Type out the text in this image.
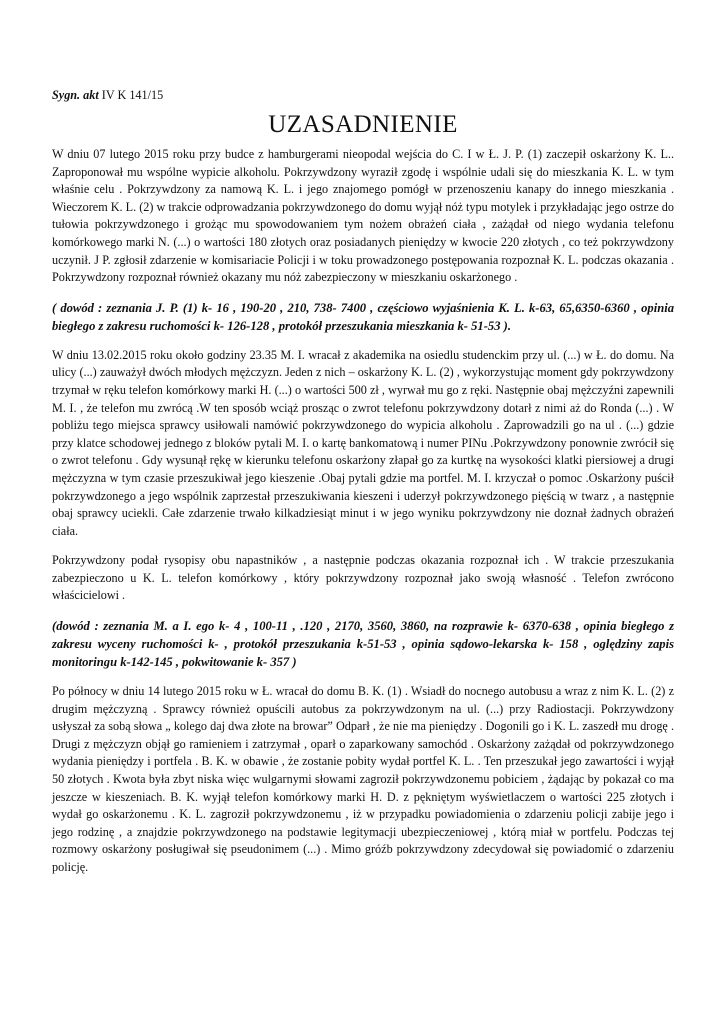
Sygn. akt IV K 141/15
UZASADNIENIE

W dniu 07 lutego 2015 roku przy budce z hamburgerami nieopodal wejścia do C. I w Ł. J. P. (1) zaczepił oskarżony K. L.. Zaproponował mu wspólne wypicie alkoholu. Pokrzywdzony wyraził zgodę i wspólnie udali się do mieszkania K. L. w tym właśnie celu . Pokrzywdzony za namową K. L. i jego znajomego pomógł w przenoszeniu kanapy do innego mieszkania . Wieczorem K. L. (2) w trakcie odprowadzania pokrzywdzonego do domu wyjął nóż typu motylek i przykładając jego ostrze do tułowia pokrzywdzonego i grożąc mu spowodowaniem tym nożem obrażeń ciała , zażądał od niego wydania telefonu komórkowego marki N. (...) o wartości 180 złotych oraz posiadanych pieniędzy w kwocie 220 złotych , co też pokrzywdzony uczynił. J P. zgłosił zdarzenie w komisariacie Policji i w toku prowadzonego postępowania rozpoznał K. L. podczas okazania . Pokrzywdzony rozpoznał również okazany mu nóż zabezpieczony w mieszkaniu oskarżonego .

( dowód : zeznania J. P. (1) k- 16 , 190-20 , 210, 738- 7400 , częściowo wyjaśnienia K. L. k-63, 65,6350-6360 , opinia biegłego z zakresu ruchomości k- 126-128 , protokół przeszukania mieszkania k- 51-53 ).

W dniu 13.02.2015 roku około godziny 23.35 M. I. wracał z akademika na osiedlu studenckim przy ul. (...) w Ł. do domu. Na ulicy (...) zauważył dwóch młodych mężczyzn. Jeden z nich – oskarżony K. L. (2) , wykorzystując moment gdy pokrzywdzony trzymał w ręku telefon komórkowy marki H. (...) o wartości 500 zł , wyrwał mu go z ręki. Następnie obaj mężczyźni zapewnili M. I. , że telefon mu zwrócą .W ten sposób wciąż prosząc o zwrot telefonu pokrzywdzony dotarł z nimi aż do Ronda (...) . W pobliżu tego miejsca sprawcy usiłowali namówić pokrzywdzonego do wypicia alkoholu . Zaprowadzili go na ul . (...) gdzie przy klatce schodowej jednego z bloków pytali M. I. o kartę bankomatową i numer PINu .Pokrzywdzony ponownie zwrócił się o zwrot telefonu . Gdy wysunął rękę w kierunku telefonu oskarżony złapał go za kurtkę na wysokości klatki piersiowej a drugi mężczyzna w tym czasie przeszukiwał jego kieszenie .Obaj pytali gdzie ma portfel. M. I. krzyczał o pomoc .Oskarżony puścił pokrzywdzonego a jego wspólnik zaprzestał przeszukiwania kieszeni i uderzył pokrzywdzonego pięścią w twarz , a następnie obaj sprawcy uciekli. Całe zdarzenie trwało kilkadziesiąt minut i w jego wyniku pokrzywdzony nie doznał żadnych obrażeń ciała.

Pokrzywdzony podał rysopisy obu napastników , a następnie podczas okazania rozpoznał ich . W trakcie przeszukania zabezpieczono u K. L. telefon komórkowy , który pokrzywdzony rozpoznał jako swoją własność . Telefon zwrócono właścicielowi .

(dowód : zeznania M. a I. ego k- 4 , 100-11 , .120 , 2170, 3560, 3860, na rozprawie k- 6370-638 , opinia biegłego z zakresu wyceny ruchomości k- , protokół przeszukania k-51-53 , opinia sądowo-lekarska k- 158 , oględziny zapis monitoringu k-142-145 , pokwitowanie k- 357 )

Po północy w dniu 14 lutego 2015 roku w Ł. wracał do domu B. K. (1) . Wsiadł do nocnego autobusu a wraz z nim K. L. (2) z drugim mężczyzną . Sprawcy również opuścili autobus za pokrzywdzonym na ul. (...) przy Radiostacji. Pokrzywdzony usłyszał za sobą słowa „ kolego daj dwa złote na browar” Odparł , że nie ma pieniędzy . Dogonili go i K. L. zaszedł mu drogę . Drugi z mężczyzn objął go ramieniem i zatrzymał , oparł o zaparkowany samochód . Oskarżony zażądał od pokrzywdzonego wydania pieniędzy i portfela . B. K. w obawie , że zostanie pobity wydał portfel K. L. . Ten przeszukał jego zawartości i wyjął 50 złotych . Kwota była zbyt niska więc wulgarnymi słowami zagroził pokrzywdzonemu pobiciem , żądając by pokazał co ma jeszcze w kieszeniach. B. K. wyjął telefon komórkowy marki H. D. z pękniętym wyświetlaczem o wartości 225 złotych i wydał go oskarżonemu . K. L. zagroził pokrzywdzonemu , iż w przypadku powiadomienia o zdarzeniu policji zabije jego i jego rodzinę , a znajdzie pokrzywdzonego na podstawie legitymacji ubezpieczeniowej , którą miał w portfelu. Podczas tej rozmowy oskarżony posługiwał się pseudonimem (...) . Mimo gróźb pokrzywdzony zdecydował się powiadomić o zdarzeniu policję.
